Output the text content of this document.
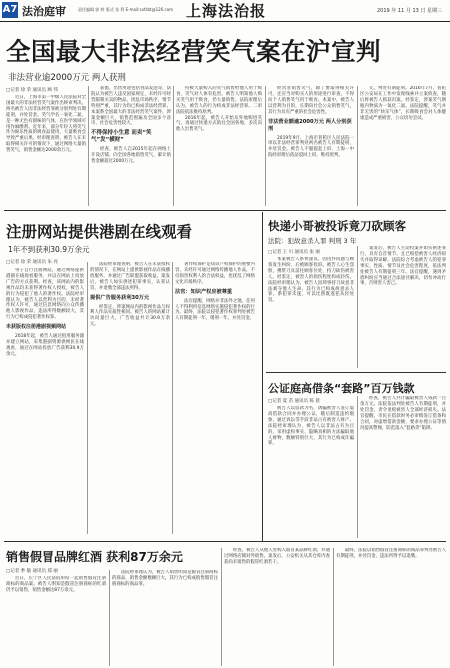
A7 法治庭审	责任编辑 郭 婷 版式 张 利 E-mail:sxfzbt@126.com 上海法治报	2019 年 11 月 13 日 星期三
全国最大非法经营笑气案在沪宣判
非法营业逾2000万元 两人获刑
□记者 徐 荣 通讯员 顾 伟

近日，上海市第一中级人民法院对全国最大的非法经营笑气案作出终审判决。两名被告人因非法经营罪被分别判处有期徒刑，并处罚金。笑气学名一氧化二氮，是一种无色有甜味的气体，在医学领域可用作麻醉剂。近年来，部分年轻人将笑气作为娱乐性质的吸食品使用，大量吸食会导致严重后果。经审理查明，被告人在未取得相关许可的情况下，通过网络大量销售笑气，销售金额达2000余万元。

获悉，出售用途包括食品发泡等，法院认为被告人违反国家规定，未经许可经营限制买卖的物品，扰乱市场秩序，情节特别严重，其行为均已构成非法经营罪。本案系全国最大的非法经营笑气案件，涉案金额巨大，销售范围遍及全国多个省市，社会危害性较大。

不得保持小生意 而卖“笑气”发“横财”

经查，被告人自2015年起在网络上开设店铺，向全国各地销售笑气，累计销售金额超过2000万元。

持被大量购入的笑气销售给他人用于吸食，笑气对人体有危害。被告人明知他人购买笑气用于吸食，仍大量销售。法院审理后认为，被告人的行为构成非法经营罪。二审法院依法维持原判。

2016年起，被告人开始从外地购进笑气，再通过快递方式销往全国各地，多次向他人出售笑气。

经营者销售笑气，除了要取得相关许可，还应当对购买人的用途进行审查，不得向个人销售笑气用于吸食。本案中，被告人以营利为目的，长期向社会公众销售笑气，其行为具有严重的社会危害性。

非法营业额逾2000万元 两人分别获刑

2019年9月，上海市普陀区人民法院一审以非法经营罪判处两名被告人有期徒刑，并处罚金。被告人不服提起上诉，上海一中院经审理后依法驳回上诉，维持原判。

元，判处有期徒刑。2016年7月，普陀区公安局在工作中发现线索并立案侦查，随后将被告人抓获归案。经鉴定，涉案笑气钢瓶内物质为一氧化二氮。法院提醒，笑气并非无害的“快乐气体”，长期吸食会对人体健康造成严重损害，公众切勿尝试。

注册网站提供港剧在线观看
1年不到获利30.9万余元
□记者 徐 荣 通讯员 朱 亮

男子自行注册网站，通过网络提供港剧在线观看服务，并以在网站上投放广告的方式获利。经查，该网站内的影视作品均未获得著作权人授权，被告人的行为侵犯了他人的著作权。法院经审理认为，被告人以营利为目的，未经著作权人许可，通过信息网络向公众传播他人影视作品，违法所得数额较大，其行为已构成侵犯著作权罪。

未获版权注册港剧视频网站

2018年起，被告人通过租用服务器并建立网站，采集港剧资源供网民在线观看，通过在网站投放广告获利30.9万余元。

法院经审理查明，被告人在未获授权的情况下，在网站上提供影视作品在线播放服务，并通过广告联盟获取收益。案发后，被告人如实供述犯罪事实，认罪认罚，并退缴全部违法所得。

提供广告服务获利30万元

经鉴定，涉案网站内的影视作品与权利人作品实质性相同。被告人的网站累计访问量巨大，广告收益共计30.9万余元。

著作权保护是知识产权保护的重要内容，未经许可通过网络传播他人作品，不仅损害权利人的合法权益，也扰乱了网络文化市场秩序。

法官：知识产权应被尊重

法官提醒，网络并非法外之地，任何人不得利用信息网络实施侵犯著作权的行为。最终，法院以侵犯著作权罪判处被告人有期徒刑一年，缓刑一年，并处罚金。

快递小哥被投诉竟刀砍顾客
法院：犯故意杀人罪 判刑 3 年
□记者 王 川 通讯员 张 丽

本案被告人系快递员，因送件问题与顾客发生纠纷，后被顾客投诉。被告人心生怨恨，携带刀具前往顾客住处，持刀砍伤被害人。经鉴定，被害人的损伤程度构成轻伤。法院经审理认为，被告人因琐事持刀故意非法剥夺他人生命，其行为已构成故意杀人罪，系犯罪未遂，可以比照既遂犯从轻处罚。

案发后，被告人主动投案并如实供述罪行，具有自首情节，且已赔偿被害人经济损失并取得谅解。法院综合考虑被告人的犯罪事实、性质、情节及社会危害程度，依法判处被告人有期徒刑三年。法官提醒，遇到矛盾纠纷应当通过合法途径解决，切勿冲动行事，否则害人害己。

公证庭高借条“套路”百万钱款
□记者 夏 苗 通讯员 陈 晨

被告人以借款为名，诱骗被害人签订虚高借款合同并办理公证，随后制造违约假象，通过诉讼等手段非法占有被害人财产。法院经审理认为，被告人以非法占有为目的，采用虚构事实、隐瞒真相的方法骗取他人财物，数额特别巨大，其行为已构成诈骗罪。

经查，被告人共计骗取被害人钱款一百余万元。法院依法判处被告人有期徒刑，并处罚金，责令退赔被害人全部经济损失。法官提醒，市民在借款时务必审慎签订借条和合同，对虚增借款金额、要求办理公证等情况提高警惕，防范落入“套路贷”陷阱。

销售假冒品牌红酒 获利87万余元
□记者 季 敏 通讯员 郑 丽

近日，长宁区人民法院审结一起销售假冒注册商标的商品案。被告人明知是假冒注册商标的红酒仍予以销售，销售金额达87万余元。

法院经审理认为，被告人销售明知是假冒注册商标的商品，销售金额数额巨大，其行为已构成销售假冒注册商标的商品罪。

经查，被告人从他人处购入假冒某品牌红酒，并通过网络店铺对外销售。案发后，公安机关从其仓库内查获尚未销售的假冒红酒若干。

最终，法院以销售假冒注册商标的商品罪判处被告人有期徒刑，并处罚金，违法所得予以追缴。
